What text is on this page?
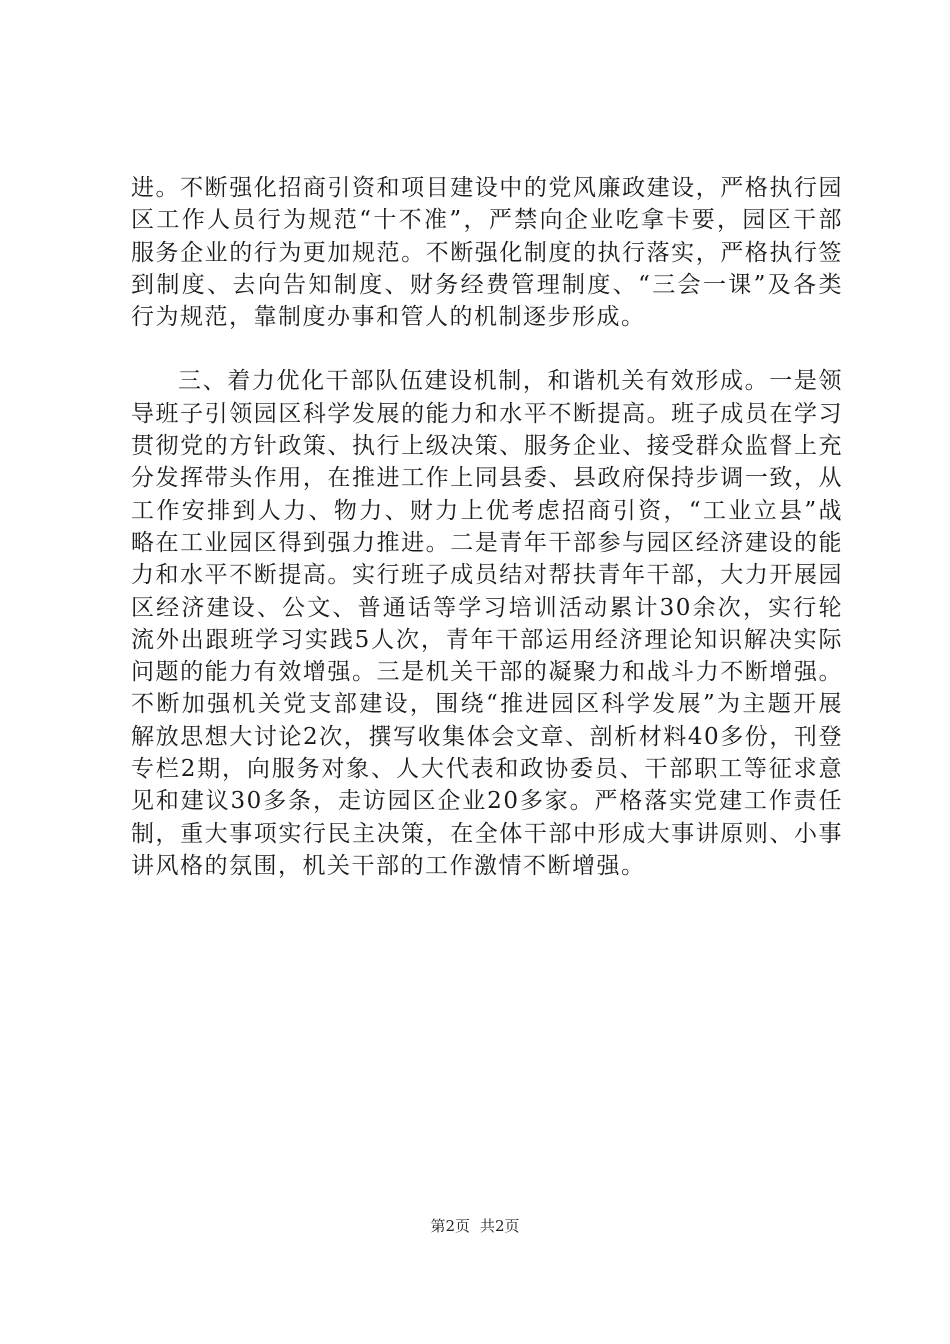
进。不断强化招商引资和项目建设中的党风廉政建设，严格执行园区工作人员行为规范“十不准”，严禁向企业吃拿卡要，园区干部服务企业的行为更加规范。不断强化制度的执行落实，严格执行签到制度、去向告知制度、财务经费管理制度、“三会一课”及各类行为规范，靠制度办事和管人的机制逐步形成。

三、着力优化干部队伍建设机制，和谐机关有效形成。一是领导班子引领园区科学发展的能力和水平不断提高。班子成员在学习贯彻党的方针政策、执行上级决策、服务企业、接受群众监督上充分发挥带头作用，在推进工作上同县委、县政府保持步调一致，从工作安排到人力、物力、财力上优考虑招商引资，“工业立县”战略在工业园区得到强力推进。二是青年干部参与园区经济建设的能力和水平不断提高。实行班子成员结对帮扶青年干部，大力开展园区经济建设、公文、普通话等学习培训活动累计30余次，实行轮流外出跟班学习实践5人次，青年干部运用经济理论知识解决实际问题的能力有效增强。三是机关干部的凝聚力和战斗力不断增强。不断加强机关党支部建设，围绕“推进园区科学发展”为主题开展解放思想大讨论2次，撰写收集体会文章、剖析材料40多份，刊登专栏2期，向服务对象、人大代表和政协委员、干部职工等征求意见和建议30多条，走访园区企业20多家。严格落实党建工作责任制，重大事项实行民主决策，在全体干部中形成大事讲原则、小事讲风格的氛围，机关干部的工作激情不断增强。

第2页 共2页
